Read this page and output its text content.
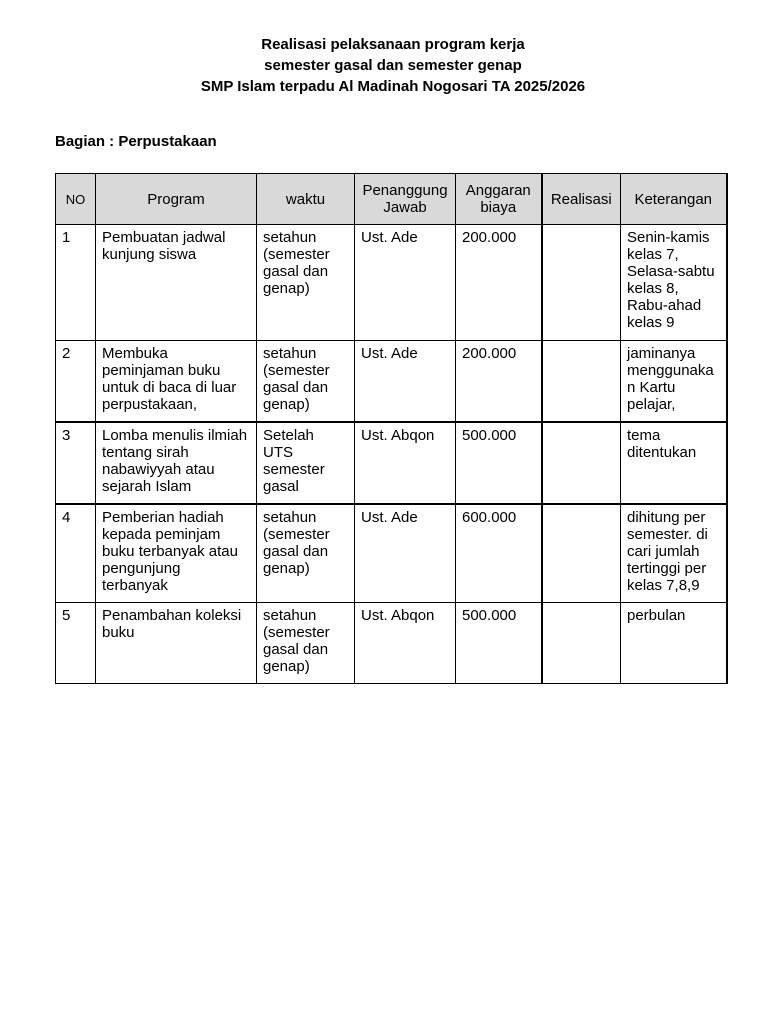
Realisasi pelaksanaan program kerja
semester gasal dan semester genap
SMP Islam terpadu Al Madinah Nogosari TA 2025/2026
Bagian : Perpustakaan
NO	Program	waktu	Penanggung Jawab	Anggaran biaya	Realisasi	Keterangan
1	Pembuatan jadwal kunjung siswa	setahun (semester gasal dan genap)	Ust. Ade	200.000		Senin-kamis kelas 7, Selasa-sabtu kelas 8, Rabu-ahad kelas 9
2	Membuka peminjaman buku untuk di baca di luar perpustakaan,	setahun (semester gasal dan genap)	Ust. Ade	200.000		jaminanya menggunakan Kartu pelajar,
3	Lomba menulis ilmiah tentang sirah nabawiyyah atau sejarah Islam	Setelah UTS semester gasal	Ust. Abqon	500.000		tema ditentukan
4	Pemberian hadiah kepada peminjam buku terbanyak atau pengunjung terbanyak	setahun (semester gasal dan genap)	Ust. Ade	600.000		dihitung per semester. di cari jumlah tertinggi per kelas 7,8,9
5	Penambahan koleksi buku	setahun (semester gasal dan genap)	Ust. Abqon	500.000		perbulan
